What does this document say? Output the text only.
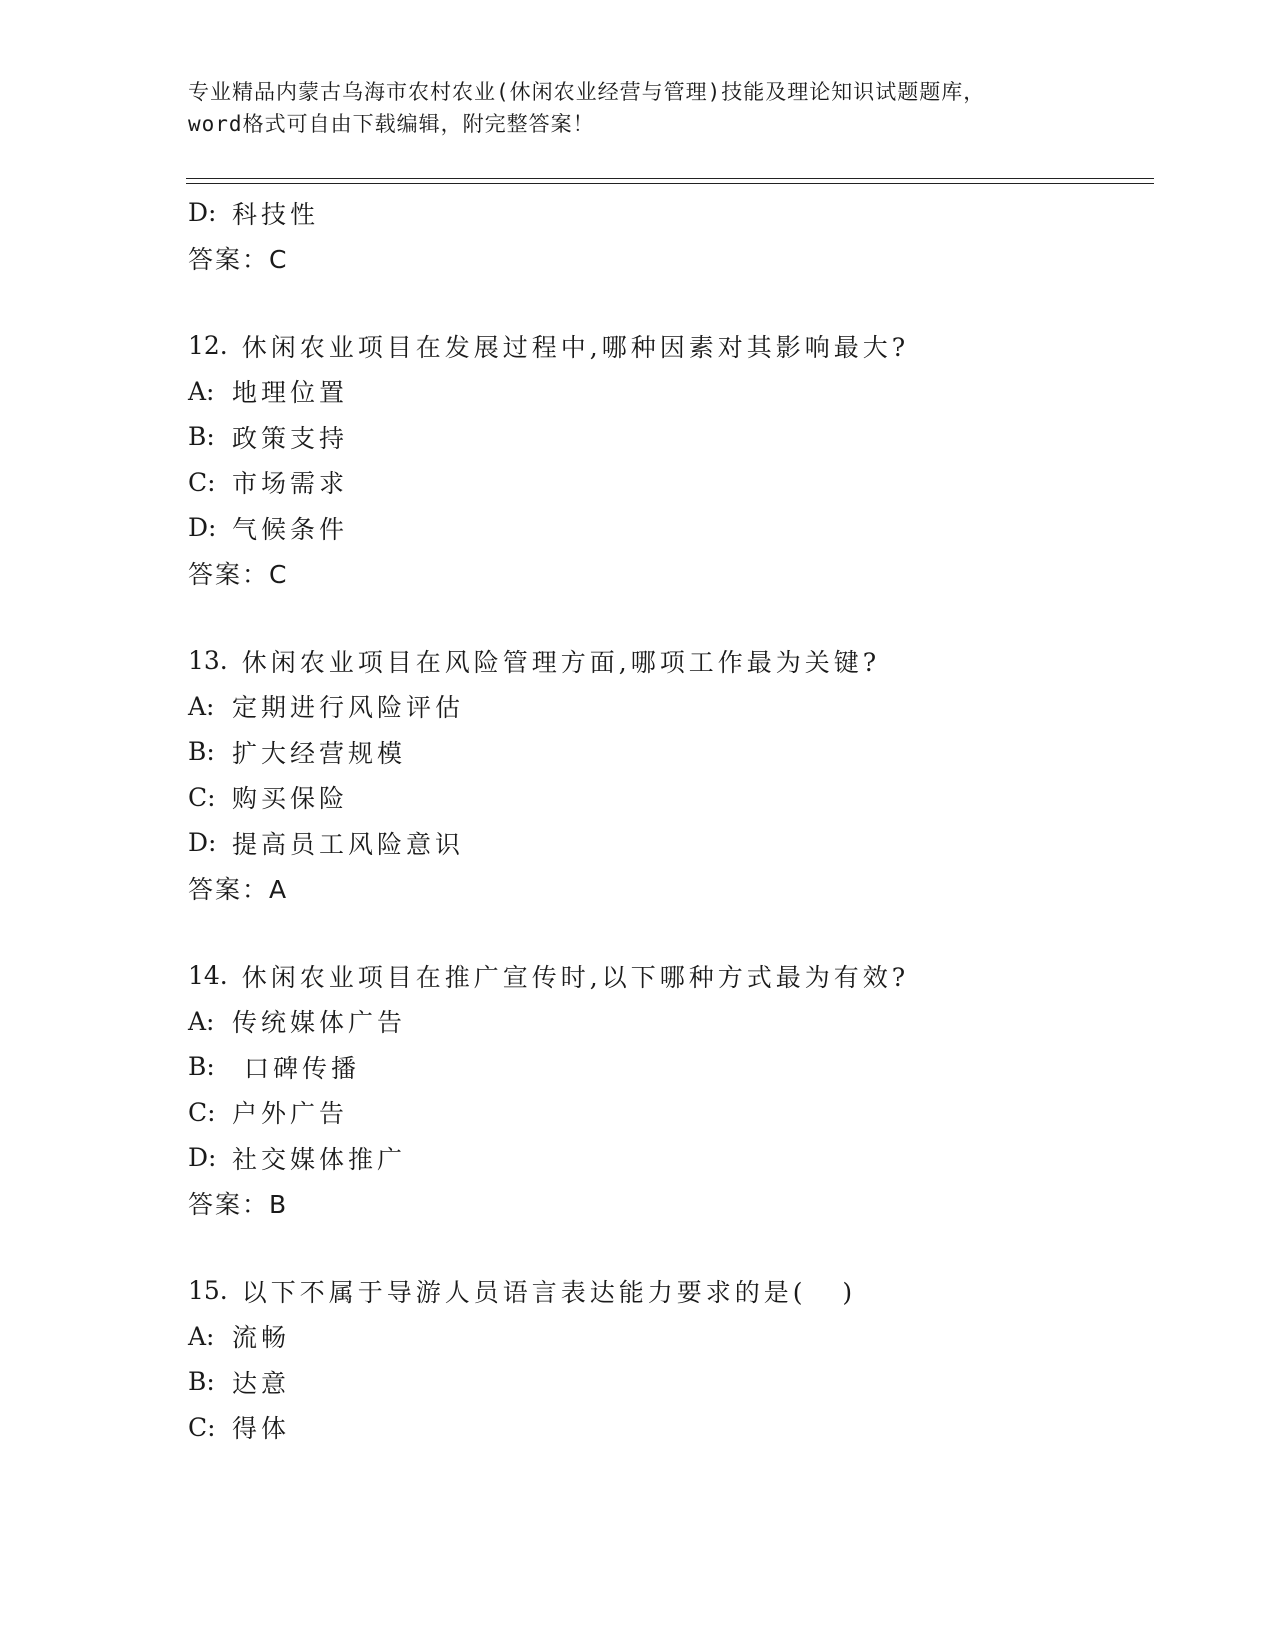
专业精品内蒙古乌海市农村农业(休闲农业经营与管理)技能及理论知识试题题库，
word格式可自由下载编辑，附完整答案！
D: 科技性
答案：C
12. 休闲农业项目在发展过程中,哪种因素对其影响最大?
A: 地理位置
B: 政策支持
C: 市场需求
D: 气候条件
答案：C
13. 休闲农业项目在风险管理方面,哪项工作最为关键?
A: 定期进行风险评估
B: 扩大经营规模
C: 购买保险
D: 提高员工风险意识
答案：A
14. 休闲农业项目在推广宣传时,以下哪种方式最为有效?
A: 传统媒体广告
B: 口碑传播
C: 户外广告
D: 社交媒体推广
答案：B
15. 以下不属于导游人员语言表达能力要求的是(   )
A: 流畅
B: 达意
C: 得体
